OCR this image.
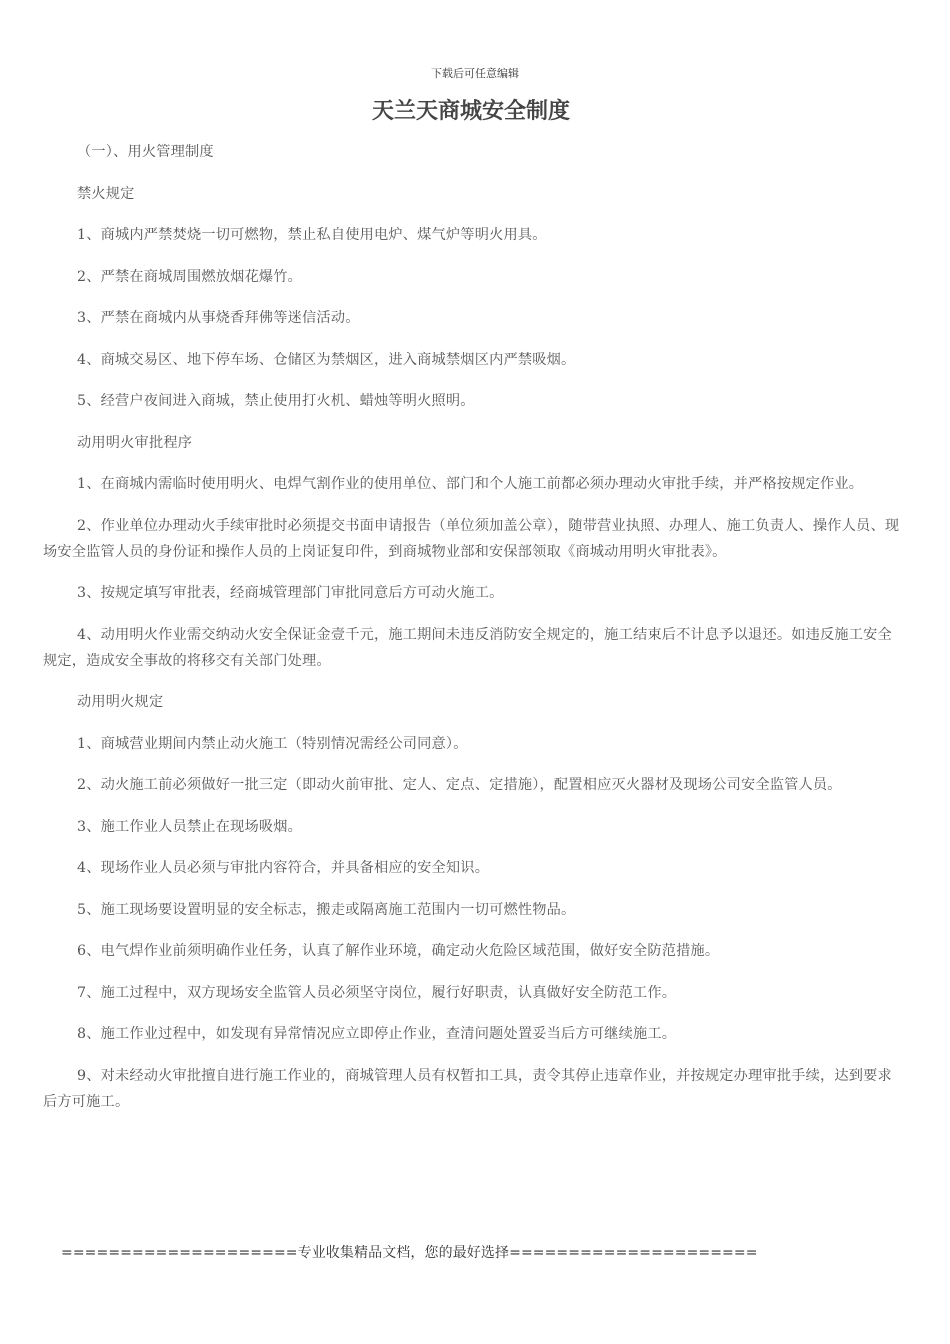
下载后可任意编辑
天兰天商城安全制度

（一）、用火管理制度

禁火规定

1、商城内严禁焚烧一切可燃物，禁止私自使用电炉、煤气炉等明火用具。

2、严禁在商城周围燃放烟花爆竹。

3、严禁在商城内从事烧香拜佛等迷信活动。

4、商城交易区、地下停车场、仓储区为禁烟区，进入商城禁烟区内严禁吸烟。

5、经营户夜间进入商城，禁止使用打火机、蜡烛等明火照明。

动用明火审批程序

1、在商城内需临时使用明火、电焊气割作业的使用单位、部门和个人施工前都必须办理动火审批手续，并严格按规定作业。

2、作业单位办理动火手续审批时必须提交书面申请报告（单位须加盖公章），随带营业执照、办理人、施工负责人、操作人员、现场安全监管人员的身份证和操作人员的上岗证复印件，到商城物业部和安保部领取《商城动用明火审批表》。

3、按规定填写审批表，经商城管理部门审批同意后方可动火施工。

4、动用明火作业需交纳动火安全保证金壹千元，施工期间未违反消防安全规定的，施工结束后不计息予以退还。如违反施工安全规定，造成安全事故的将移交有关部门处理。

动用明火规定

1、商城营业期间内禁止动火施工（特别情况需经公司同意）。

2、动火施工前必须做好一批三定（即动火前审批、定人、定点、定措施），配置相应灭火器材及现场公司安全监管人员。

3、施工作业人员禁止在现场吸烟。

4、现场作业人员必须与审批内容符合，并具备相应的安全知识。

5、施工现场要设置明显的安全标志，搬走或隔离施工范围内一切可燃性物品。

6、电气焊作业前须明确作业任务，认真了解作业环境，确定动火危险区域范围，做好安全防范措施。

7、施工过程中，双方现场安全监管人员必须坚守岗位，履行好职责，认真做好安全防范工作。

8、施工作业过程中，如发现有异常情况应立即停止作业，查清问题处置妥当后方可继续施工。

9、对未经动火审批擅自进行施工作业的，商城管理人员有权暂扣工具，责令其停止违章作业，并按规定办理审批手续，达到要求后方可施工。

====================专业收集精品文档，您的最好选择=====================
